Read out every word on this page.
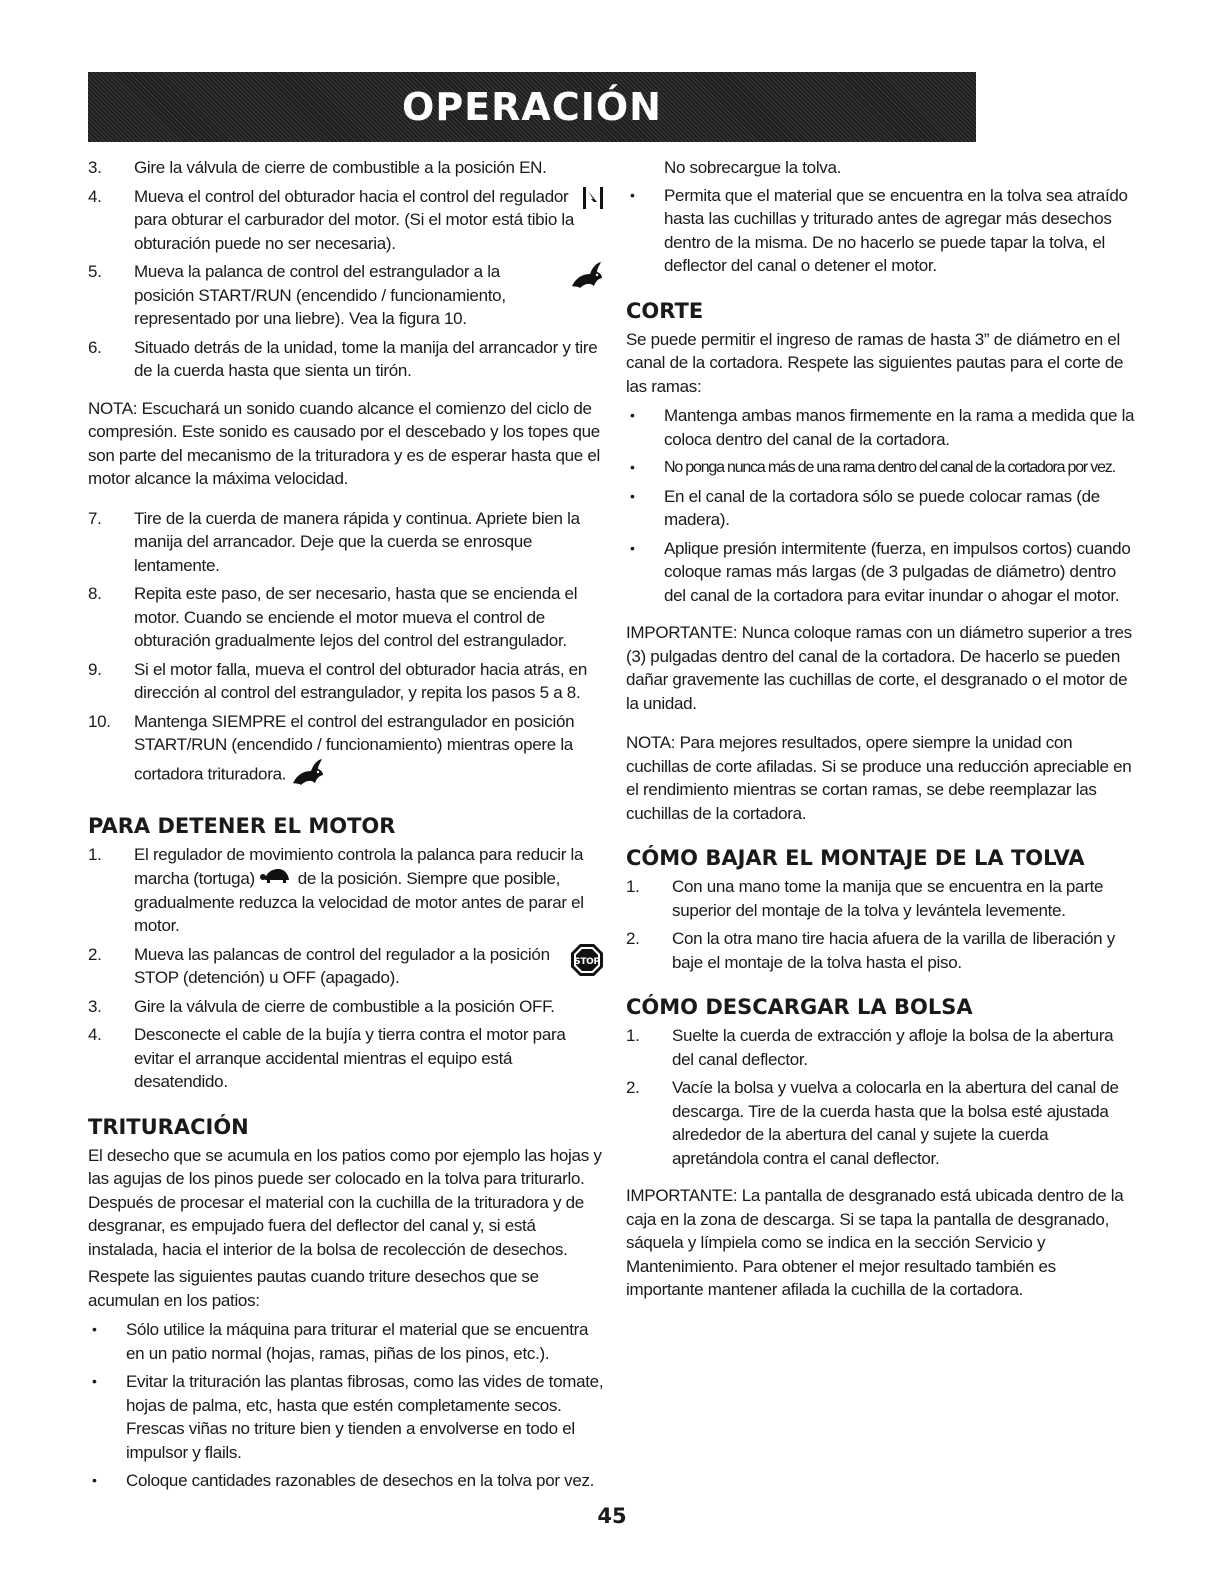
OPERACIÓN
3. Gire la válvula de cierre de combustible a la posición EN.
4. Mueva el control del obturador hacia el control del regulador para obturar el carburador del motor. (Si el motor está tibio la obturación puede no ser necesaria).
5. Mueva la palanca de control del estrangulador a la posición START/RUN (encendido / funcionamiento, representado por una liebre). Vea la figura 10.
6. Situado detrás de la unidad, tome la manija del arrancador y tire de la cuerda hasta que sienta un tirón.

NOTA: Escuchará un sonido cuando alcance el comienzo del ciclo de compresión. Este sonido es causado por el descebado y los topes que son parte del mecanismo de la trituradora y es de esperar hasta que el motor alcance la máxima velocidad.

7. Tire de la cuerda de manera rápida y continua. Apriete bien la manija del arrancador. Deje que la cuerda se enrosque lentamente.
8. Repita este paso, de ser necesario, hasta que se encienda el motor. Cuando se enciende el motor mueva el control de obturación gradualmente lejos del control del estrangulador.
9. Si el motor falla, mueva el control del obturador hacia atrás, en dirección al control del estrangulador, y repita los pasos 5 a 8.
10. Mantenga SIEMPRE el control del estrangulador en posición START/RUN (encendido / funcionamiento) mientras opere la cortadora trituradora.
PARA DETENER EL MOTOR
1. El regulador de movimiento controla la palanca para reducir la marcha (tortuga)	de la posición. Siempre que posible, gradualmente reduzca la velocidad de motor antes de parar el motor.
2.	STOP
Mueva las palancas de control del regulador a la posición STOP (detención) u OFF (apagado).
3. Gire la válvula de cierre de combustible a la posición OFF.
4. Desconecte el cable de la bujía y tierra contra el motor para evitar el arranque accidental mientras el equipo está desatendido.
TRITURACIÓN

El desecho que se acumula en los patios como por ejemplo las hojas y las agujas de los pinos puede ser colocado en la tolva para triturarlo. Después de procesar el material con la cuchilla de la trituradora y de desgranar, es empujado fuera del deflector del canal y, si está instalada, hacia el interior de la bolsa de recolección de desechos.

Respete las siguientes pautas cuando triture desechos que se acumulan en los patios:

• Sólo utilice la máquina para triturar el material que se encuentra en un patio normal (hojas, ramas, piñas de los pinos, etc.).
• Evitar la trituración las plantas fibrosas, como las vides de tomate, hojas de palma, etc, hasta que estén completamente secos. Frescas viñas no triture bien y tienden a envolverse en todo el impulsor y flails.
• Coloque cantidades razonables de desechos en la tolva por vez.
No sobrecargue la tolva.
• Permita que el material que se encuentra en la tolva sea atraído hasta las cuchillas y triturado antes de agregar más desechos dentro de la misma. De no hacerlo se puede tapar la tolva, el deflector del canal o detener el motor.
CORTE

Se puede permitir el ingreso de ramas de hasta 3” de diámetro en el canal de la cortadora. Respete las siguientes pautas para el corte de las ramas:

• Mantenga ambas manos firmemente en la rama a medida que la coloca dentro del canal de la cortadora.
• No ponga nunca más de una rama dentro del canal de la cortadora por vez.
• En el canal de la cortadora sólo se puede colocar ramas (de madera).
• Aplique presión intermitente (fuerza, en impulsos cortos) cuando coloque ramas más largas (de 3 pulgadas de diámetro) dentro del canal de la cortadora para evitar inundar o ahogar el motor.

IMPORTANTE: Nunca coloque ramas con un diámetro superior a tres (3) pulgadas dentro del canal de la cortadora. De hacerlo se pueden dañar gravemente las cuchillas de corte, el desgranado o el motor de la unidad.

NOTA: Para mejores resultados, opere siempre la unidad con cuchillas de corte afiladas. Si se produce una reducción apreciable en el rendimiento mientras se cortan ramas, se debe reemplazar las cuchillas de la cortadora.

CÓMO BAJAR EL MONTAJE DE LA TOLVA
1. Con una mano tome la manija que se encuentra en la parte superior del montaje de la tolva y levántela levemente.
2. Con la otra mano tire hacia afuera de la varilla de liberación y baje el montaje de la tolva hasta el piso.
CÓMO DESCARGAR LA BOLSA
1. Suelte la cuerda de extracción y afloje la bolsa de la abertura del canal deflector.
2. Vacíe la bolsa y vuelva a colocarla en la abertura del canal de descarga. Tire de la cuerda hasta que la bolsa esté ajustada alrededor de la abertura del canal y sujete la cuerda apretándola contra el canal deflector.

IMPORTANTE: La pantalla de desgranado está ubicada dentro de la caja en la zona de descarga. Si se tapa la pantalla de desgranado, sáquela y límpiela como se indica en la sección Servicio y Mantenimiento. Para obtener el mejor resultado también es importante mantener afilada la cuchilla de la cortadora.

45
